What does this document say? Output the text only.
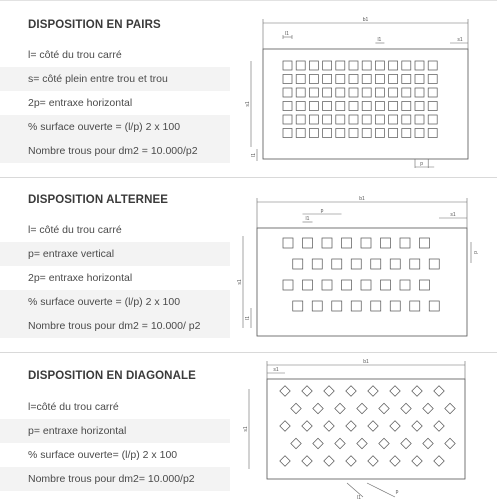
DISPOSITION EN PAIRS
l= côté du trou carré
s= côté plein entre trou et trou
2p= entraxe horizontal
% surface ouverte = (l/p) 2 x 100
Nombre trous pour dm2 = 10.000/p2
b1
l1
l1	s1
s1
l1
p
DISPOSITION ALTERNEE
l= côté du trou carré
p= entraxe vertical
2p= entraxe horizontal
% surface ouverte = (l/p) 2 x 100
Nombre trous pour dm2 = 10.000/ p2
b1
p
l1
s1
p
s1
l1
DISPOSITION EN DIAGONALE
l=côté du trou carré
p= entraxe horizontal
% surface ouverte= (l/p) 2 x 100
Nombre trous pour dm2= 10.000/p2
b1
s1
s1
l1
p
